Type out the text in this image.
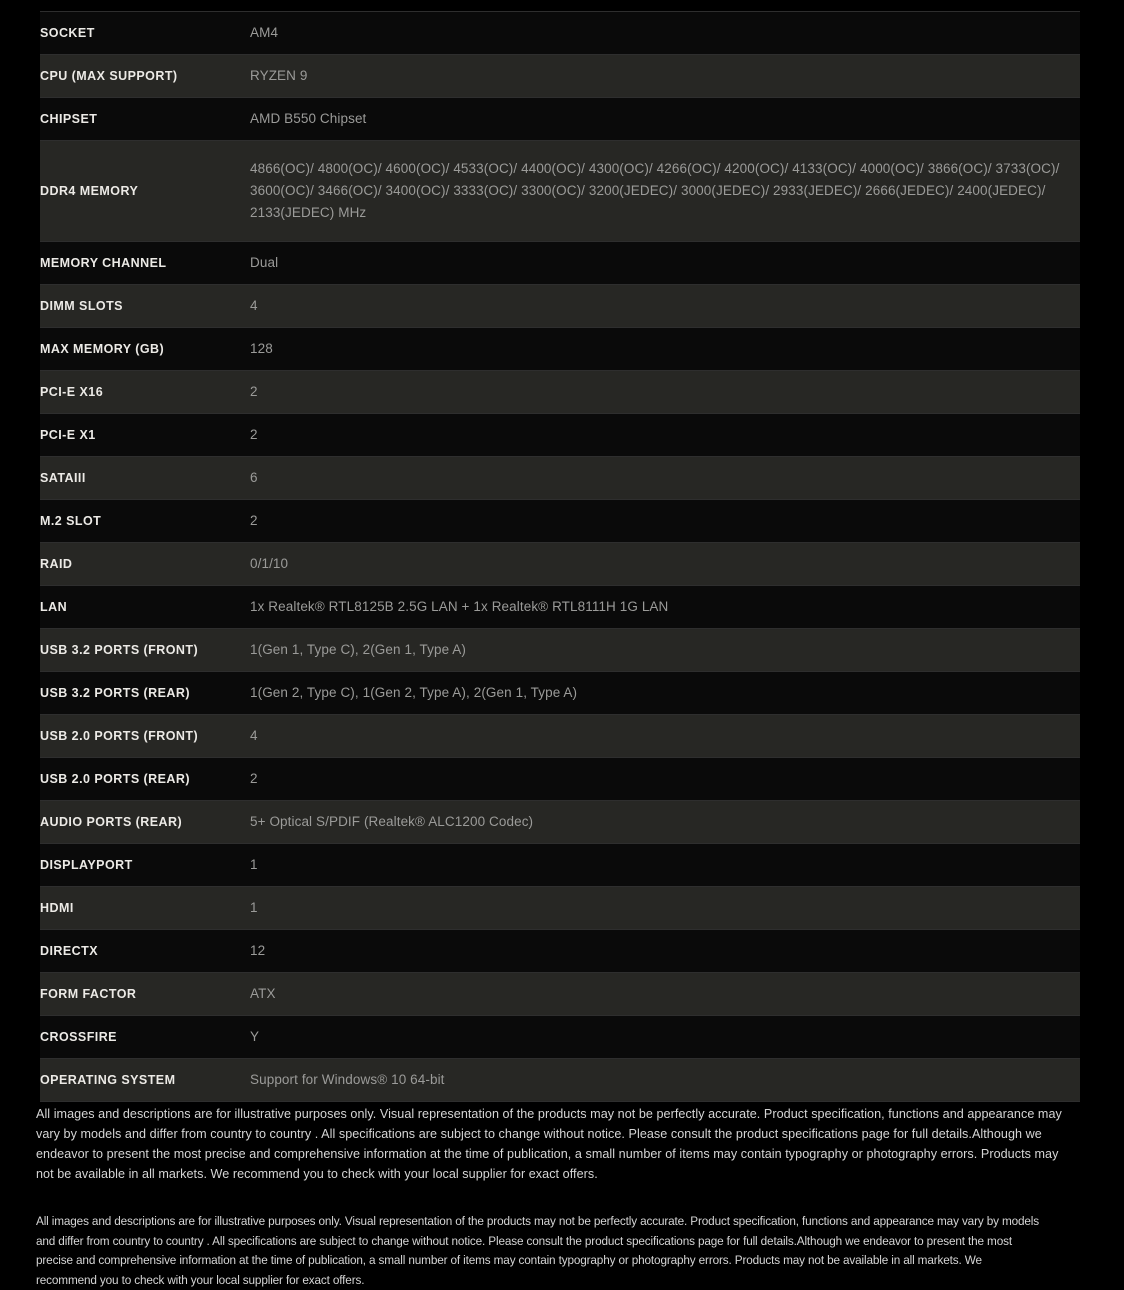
SOCKET	AM4
CPU (MAX SUPPORT)	RYZEN 9
CHIPSET	AMD B550 Chipset
DDR4 MEMORY	4866(OC)/ 4800(OC)/ 4600(OC)/ 4533(OC)/ 4400(OC)/ 4300(OC)/ 4266(OC)/ 4200(OC)/ 4133(OC)/ 4000(OC)/ 3866(OC)/ 3733(OC)/ 3600(OC)/ 3466(OC)/ 3400(OC)/ 3333(OC)/ 3300(OC)/ 3200(JEDEC)/ 3000(JEDEC)/ 2933(JEDEC)/ 2666(JEDEC)/ 2400(JEDEC)/ 2133(JEDEC) MHz
MEMORY CHANNEL	Dual
DIMM SLOTS	4
MAX MEMORY (GB)	128
PCI-E X16	2
PCI-E X1	2
SATAIII	6
M.2 SLOT	2
RAID	0/1/10
LAN	1x Realtek® RTL8125B 2.5G LAN + 1x Realtek® RTL8111H 1G LAN
USB 3.2 PORTS (FRONT)	1(Gen 1, Type C), 2(Gen 1, Type A)
USB 3.2 PORTS (REAR)	1(Gen 2, Type C), 1(Gen 2, Type A), 2(Gen 1, Type A)
USB 2.0 PORTS (FRONT)	4
USB 2.0 PORTS (REAR)	2
AUDIO PORTS (REAR)	5+ Optical S/PDIF (Realtek® ALC1200 Codec)
DISPLAYPORT	1
HDMI	1
DIRECTX	12
FORM FACTOR	ATX
CROSSFIRE	Y
OPERATING SYSTEM	Support for Windows® 10 64-bit

All images and descriptions are for illustrative purposes only. Visual representation of the products may not be perfectly accurate. Product specification, functions and appearance may vary by models and differ from country to country . All specifications are subject to change without notice. Please consult the product specifications page for full details.Although we endeavor to present the most precise and comprehensive information at the time of publication, a small number of items may contain typography or photography errors. Products may not be available in all markets. We recommend you to check with your local supplier for exact offers.

All images and descriptions are for illustrative purposes only. Visual representation of the products may not be perfectly accurate. Product specification, functions and appearance may vary by models and differ from country to country . All specifications are subject to change without notice. Please consult the product specifications page for full details.Although we endeavor to present the most precise and comprehensive information at the time of publication, a small number of items may contain typography or photography errors. Products may not be available in all markets. We recommend you to check with your local supplier for exact offers.
